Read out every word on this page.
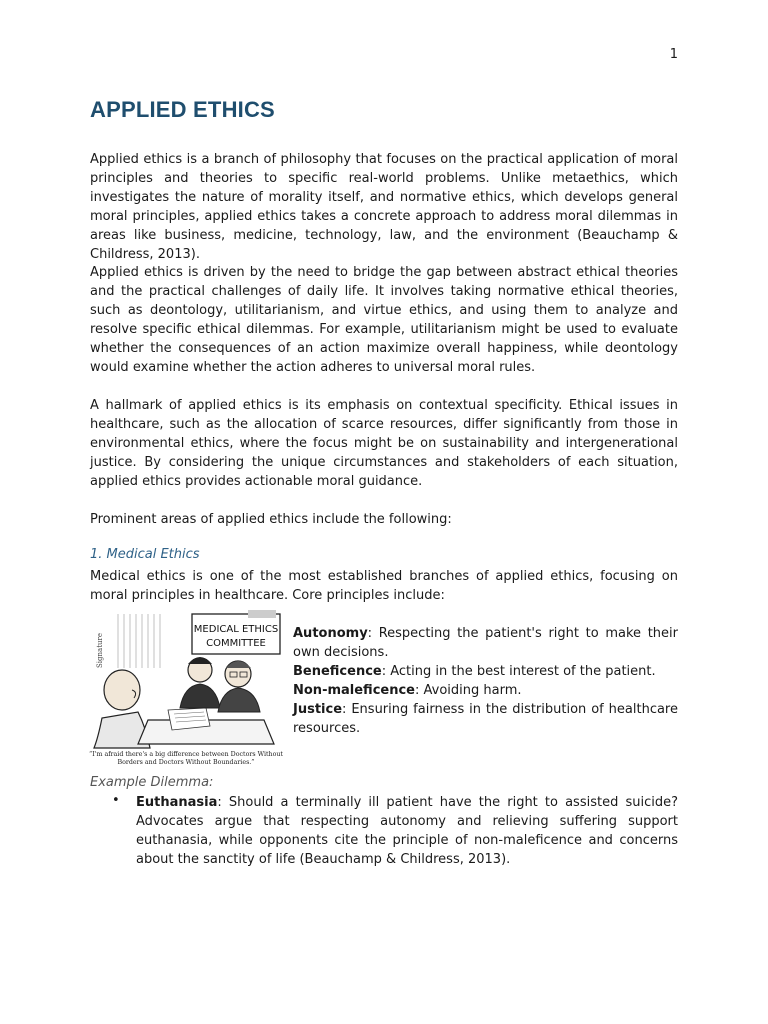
1
APPLIED ETHICS

Applied ethics is a branch of philosophy that focuses on the practical application of moral principles and theories to specific real-world problems. Unlike metaethics, which investigates the nature of morality itself, and normative ethics, which develops general moral principles, applied ethics takes a concrete approach to address moral dilemmas in areas like business, medicine, technology, law, and the environment (Beauchamp & Childress, 2013).

Applied ethics is driven by the need to bridge the gap between abstract ethical theories and the practical challenges of daily life. It involves taking normative ethical theories, such as deontology, utilitarianism, and virtue ethics, and using them to analyze and resolve specific ethical dilemmas. For example, utilitarianism might be used to evaluate whether the consequences of an action maximize overall happiness, while deontology would examine whether the action adheres to universal moral rules.

A hallmark of applied ethics is its emphasis on contextual specificity. Ethical issues in healthcare, such as the allocation of scarce resources, differ significantly from those in environmental ethics, where the focus might be on sustainability and intergenerational justice. By considering the unique circumstances and stakeholders of each situation, applied ethics provides actionable moral guidance.

Prominent areas of applied ethics include the following:

1. Medical Ethics

Medical ethics is one of the most established branches of applied ethics, focusing on moral principles in healthcare. Core principles include:

Signature
MEDICAL ETHICS
COMMITTEE
“I'm afraid there's a big difference between Doctors Without
Borders and Doctors Without Boundaries.”
Autonomy: Respecting the patient's right to make their own decisions.
Beneficence: Acting in the best interest of the patient.
Non-maleficence: Avoiding harm.
Justice: Ensuring fairness in the distribution of healthcare resources.

Example Dilemma:

• Euthanasia: Should a terminally ill patient have the right to assisted suicide? Advocates argue that respecting autonomy and relieving suffering support euthanasia, while opponents cite the principle of non-maleficence and concerns about the sanctity of life (Beauchamp & Childress, 2013).
